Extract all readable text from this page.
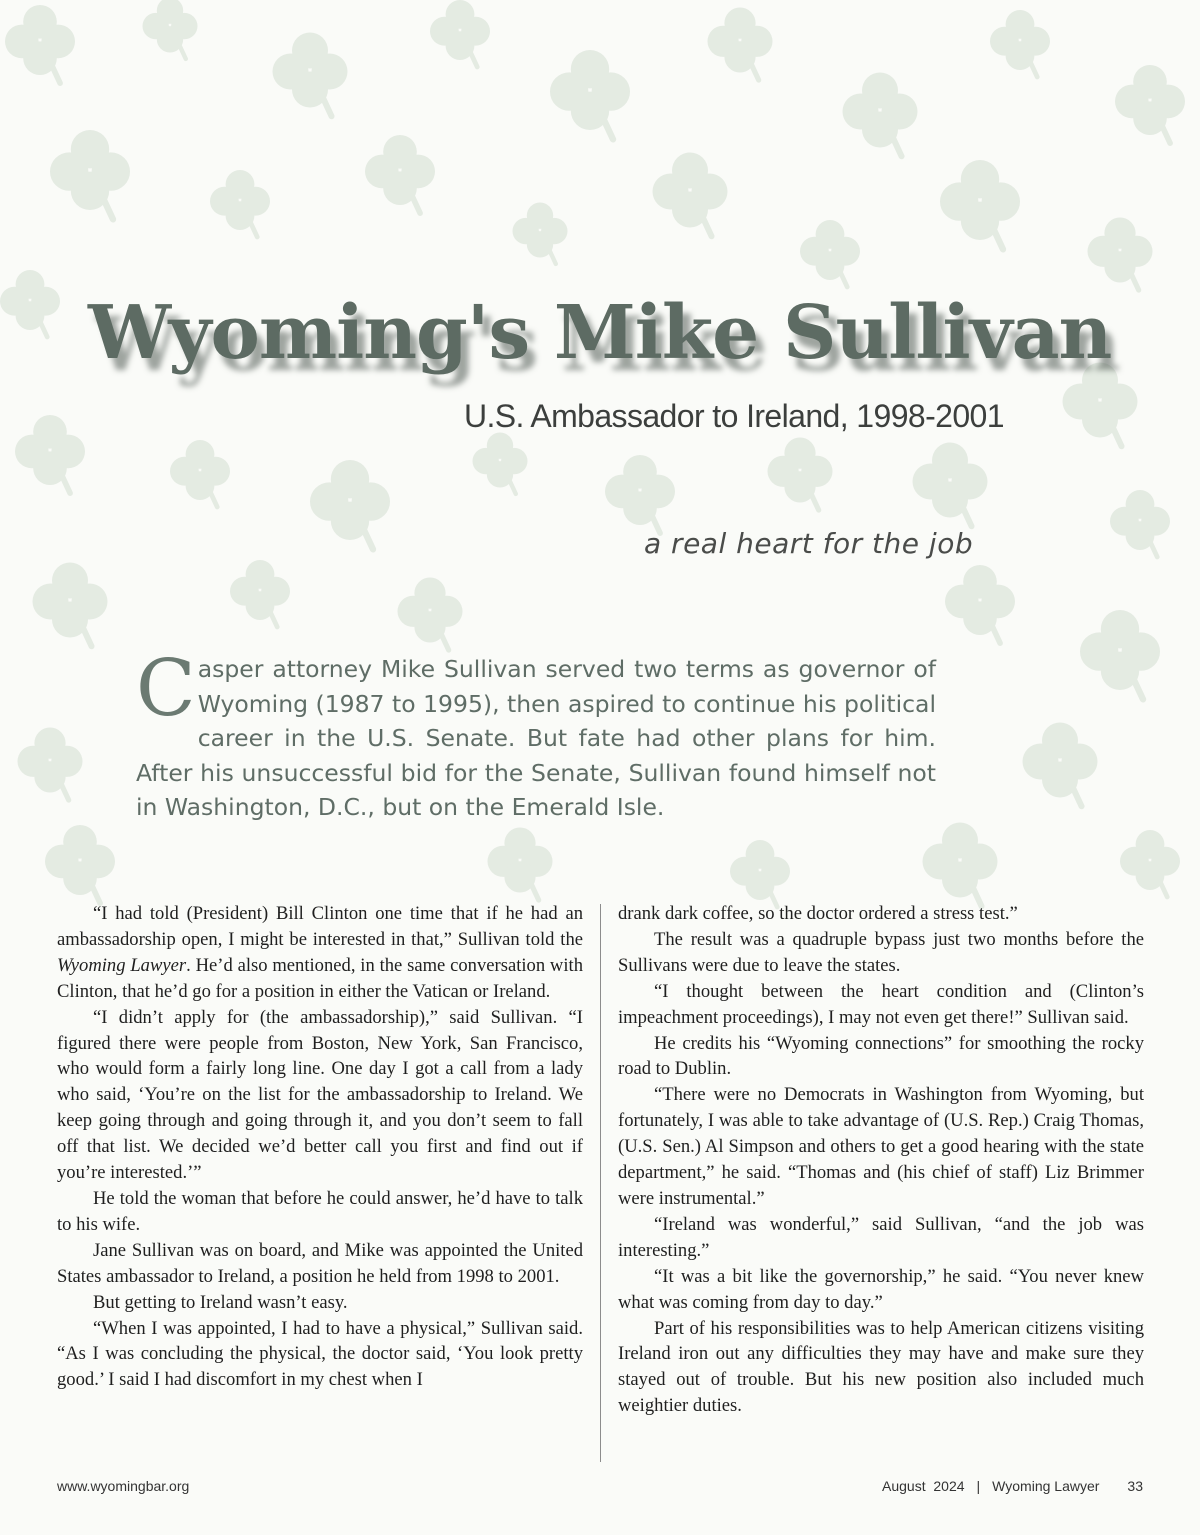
Wyoming's Mike Sullivan
U.S. Ambassador to Ireland, 1998-2001
a real heart for the job

Casper attorney Mike Sullivan served two terms as governor of Wyoming (1987 to 1995), then aspired to continue his political career in the U.S. Senate. But fate had other plans for him. After his unsuccessful bid for the Senate, Sullivan found himself not in Washington, D.C., but on the Emerald Isle.

“I had told (President) Bill Clinton one time that if he had an ambassadorship open, I might be interested in that,” Sullivan told the Wyoming Lawyer. He’d also mentioned, in the same conversation with Clinton, that he’d go for a position in either the Vatican or Ireland.

“I didn’t apply for (the ambassadorship),” said Sullivan. “I figured there were people from Boston, New York, San Francisco, who would form a fairly long line. One day I got a call from a lady who said, ‘You’re on the list for the ambassadorship to Ireland. We keep going through and going through it, and you don’t seem to fall off that list. We decided we’d better call you first and find out if you’re interested.’”

He told the woman that before he could answer, he’d have to talk to his wife.

Jane Sullivan was on board, and Mike was appointed the United States ambassador to Ireland, a position he held from 1998 to 2001.

But getting to Ireland wasn’t easy.

“When I was appointed, I had to have a physical,” Sullivan said. “As I was concluding the physical, the doctor said, ‘You look pretty good.’ I said I had discomfort in my chest when I

drank dark coffee, so the doctor ordered a stress test.”

The result was a quadruple bypass just two months before the Sullivans were due to leave the states.

“I thought between the heart condition and (Clinton’s impeachment proceedings), I may not even get there!” Sullivan said.

He credits his “Wyoming connections” for smoothing the rocky road to Dublin.

“There were no Democrats in Washington from Wyoming, but fortunately, I was able to take advantage of (U.S. Rep.) Craig Thomas, (U.S. Sen.) Al Simpson and others to get a good hearing with the state department,” he said. “Thomas and (his chief of staff) Liz Brimmer were instrumental.”

“Ireland was wonderful,” said Sullivan, “and the job was interesting.”

“It was a bit like the governorship,” he said. “You never knew what was coming from day to day.”

Part of his responsibilities was to help American citizens visiting Ireland iron out any difficulties they may have and make sure they stayed out of trouble. But his new position also included much weightier duties.

www.wyomingbar.org	August  2024 | Wyoming Lawyer 33
